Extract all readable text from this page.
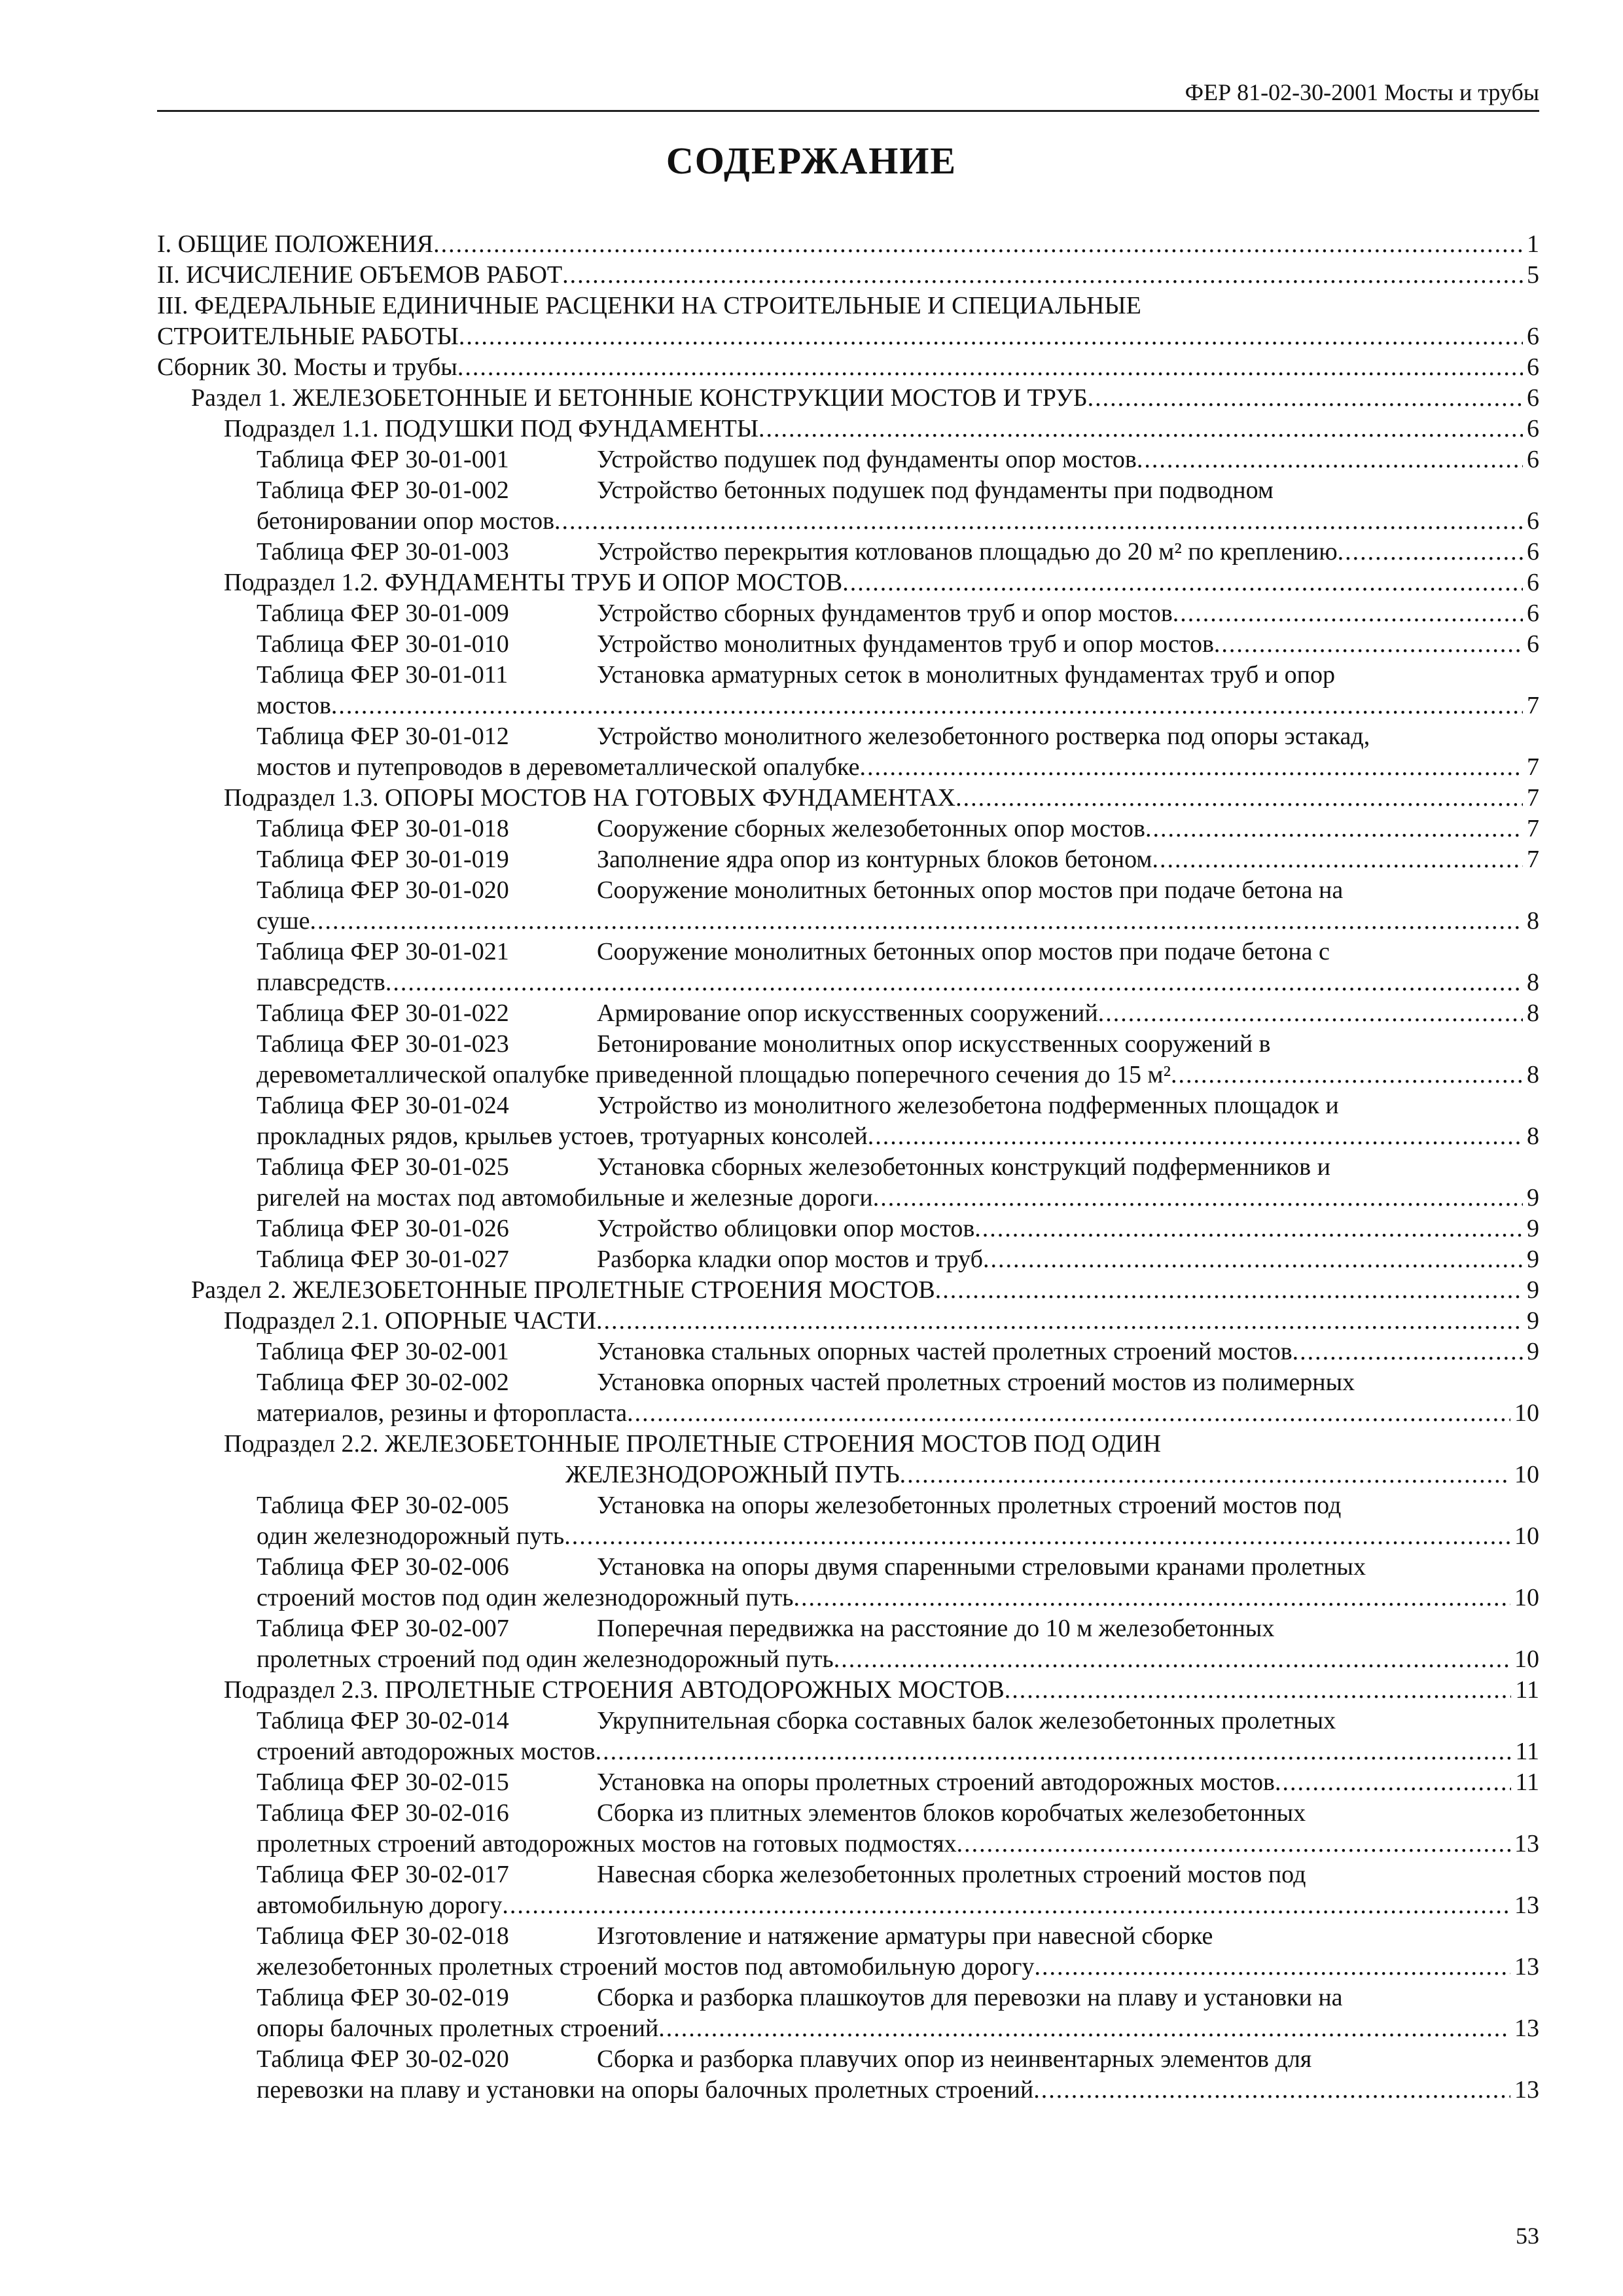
ФЕР 81-02-30-2001 Мосты и трубы
СОДЕРЖАНИЕ
I. ОБЩИЕ ПОЛОЖЕНИЯ .....	1
II. ИСЧИСЛЕНИЕ ОБЪЕМОВ РАБОТ .....	5
III. ФЕДЕРАЛЬНЫЕ ЕДИНИЧНЫЕ РАСЦЕНКИ НА СТРОИТЕЛЬНЫЕ И СПЕЦИАЛЬНЫЕ
СТРОИТЕЛЬНЫЕ РАБОТЫ .....	6
Сборник 30. Мосты и трубы .....	6
Раздел 1. ЖЕЛЕЗОБЕТОННЫЕ И БЕТОННЫЕ КОНСТРУКЦИИ МОСТОВ И ТРУБ .....	6
Подраздел 1.1. ПОДУШКИ ПОД ФУНДАМЕНТЫ .....	6
Таблица ФЕР 30-01-001	Устройство подушек под фундаменты опор мостов .....	6
Таблица ФЕР 30-01-002	Устройство бетонных подушек под фундаменты при подводном
бетонировании опор мостов .....	6
Таблица ФЕР 30-01-003	Устройство перекрытия котлованов площадью до 20 м² по креплению .....	6
Подраздел 1.2. ФУНДАМЕНТЫ ТРУБ И ОПОР МОСТОВ .....	6
Таблица ФЕР 30-01-009	Устройство сборных фундаментов труб и опор мостов .....	6
Таблица ФЕР 30-01-010	Устройство монолитных фундаментов труб и опор мостов .....	6
Таблица ФЕР 30-01-011	Установка арматурных сеток в монолитных фундаментах труб и опор
мостов .....	7
Таблица ФЕР 30-01-012	Устройство монолитного железобетонного ростверка под опоры эстакад,
мостов и путепроводов в деревометаллической опалубке .....	7
Подраздел 1.3. ОПОРЫ МОСТОВ НА ГОТОВЫХ ФУНДАМЕНТАХ .....	7
Таблица ФЕР 30-01-018	Сооружение сборных железобетонных опор мостов .....	7
Таблица ФЕР 30-01-019	Заполнение ядра опор из контурных блоков бетоном .....	7
Таблица ФЕР 30-01-020	Сооружение монолитных бетонных опор мостов при подаче бетона на
суше .....	8
Таблица ФЕР 30-01-021	Сооружение монолитных бетонных опор мостов при подаче бетона с
плавсредств .....	8
Таблица ФЕР 30-01-022	Армирование опор искусственных сооружений .....	8
Таблица ФЕР 30-01-023	Бетонирование монолитных опор искусственных сооружений в
деревометаллической опалубке приведенной площадью поперечного сечения до 15 м² .....	8
Таблица ФЕР 30-01-024	Устройство из монолитного железобетона подферменных площадок и
прокладных рядов, крыльев устоев, тротуарных консолей .....	8
Таблица ФЕР 30-01-025	Установка сборных железобетонных конструкций подферменников и
ригелей на мостах под автомобильные и железные дороги .....	9
Таблица ФЕР 30-01-026	Устройство облицовки опор мостов .....	9
Таблица ФЕР 30-01-027	Разборка кладки опор мостов и труб .....	9
Раздел 2. ЖЕЛЕЗОБЕТОННЫЕ ПРОЛЕТНЫЕ СТРОЕНИЯ МОСТОВ .....	9
Подраздел 2.1. ОПОРНЫЕ ЧАСТИ .....	9
Таблица ФЕР 30-02-001	Установка стальных опорных частей пролетных строений мостов .....	9
Таблица ФЕР 30-02-002	Установка опорных частей пролетных строений мостов из полимерных
материалов, резины и фторопласта .....	10
Подраздел 2.2. ЖЕЛЕЗОБЕТОННЫЕ ПРОЛЕТНЫЕ СТРОЕНИЯ МОСТОВ ПОД ОДИН
ЖЕЛЕЗНОДОРОЖНЫЙ ПУТЬ .....	10
Таблица ФЕР 30-02-005	Установка на опоры железобетонных пролетных строений мостов под
один железнодорожный путь .....	10
Таблица ФЕР 30-02-006	Установка на опоры двумя спаренными стреловыми кранами пролетных
строений мостов под один железнодорожный путь .....	10
Таблица ФЕР 30-02-007	Поперечная передвижка на расстояние до 10 м железобетонных
пролетных строений под один железнодорожный путь .....	10
Подраздел 2.3. ПРОЛЕТНЫЕ СТРОЕНИЯ АВТОДОРОЖНЫХ МОСТОВ .....	11
Таблица ФЕР 30-02-014	Укрупнительная сборка составных балок железобетонных пролетных
строений автодорожных мостов .....	11
Таблица ФЕР 30-02-015	Установка на опоры пролетных строений автодорожных мостов .....	11
Таблица ФЕР 30-02-016	Сборка из плитных элементов блоков коробчатых железобетонных
пролетных строений автодорожных мостов на готовых подмостях .....	13
Таблица ФЕР 30-02-017	Навесная сборка железобетонных пролетных строений мостов под
автомобильную дорогу .....	13
Таблица ФЕР 30-02-018	Изготовление и натяжение арматуры при навесной сборке
железобетонных пролетных строений мостов под автомобильную дорогу .....	13
Таблица ФЕР 30-02-019	Сборка и разборка плашкоутов для перевозки на плаву и установки на
опоры балочных пролетных строений .....	13
Таблица ФЕР 30-02-020	Сборка и разборка плавучих опор из неинвентарных элементов для
перевозки на плаву и установки на опоры балочных пролетных строений .....	13
53
